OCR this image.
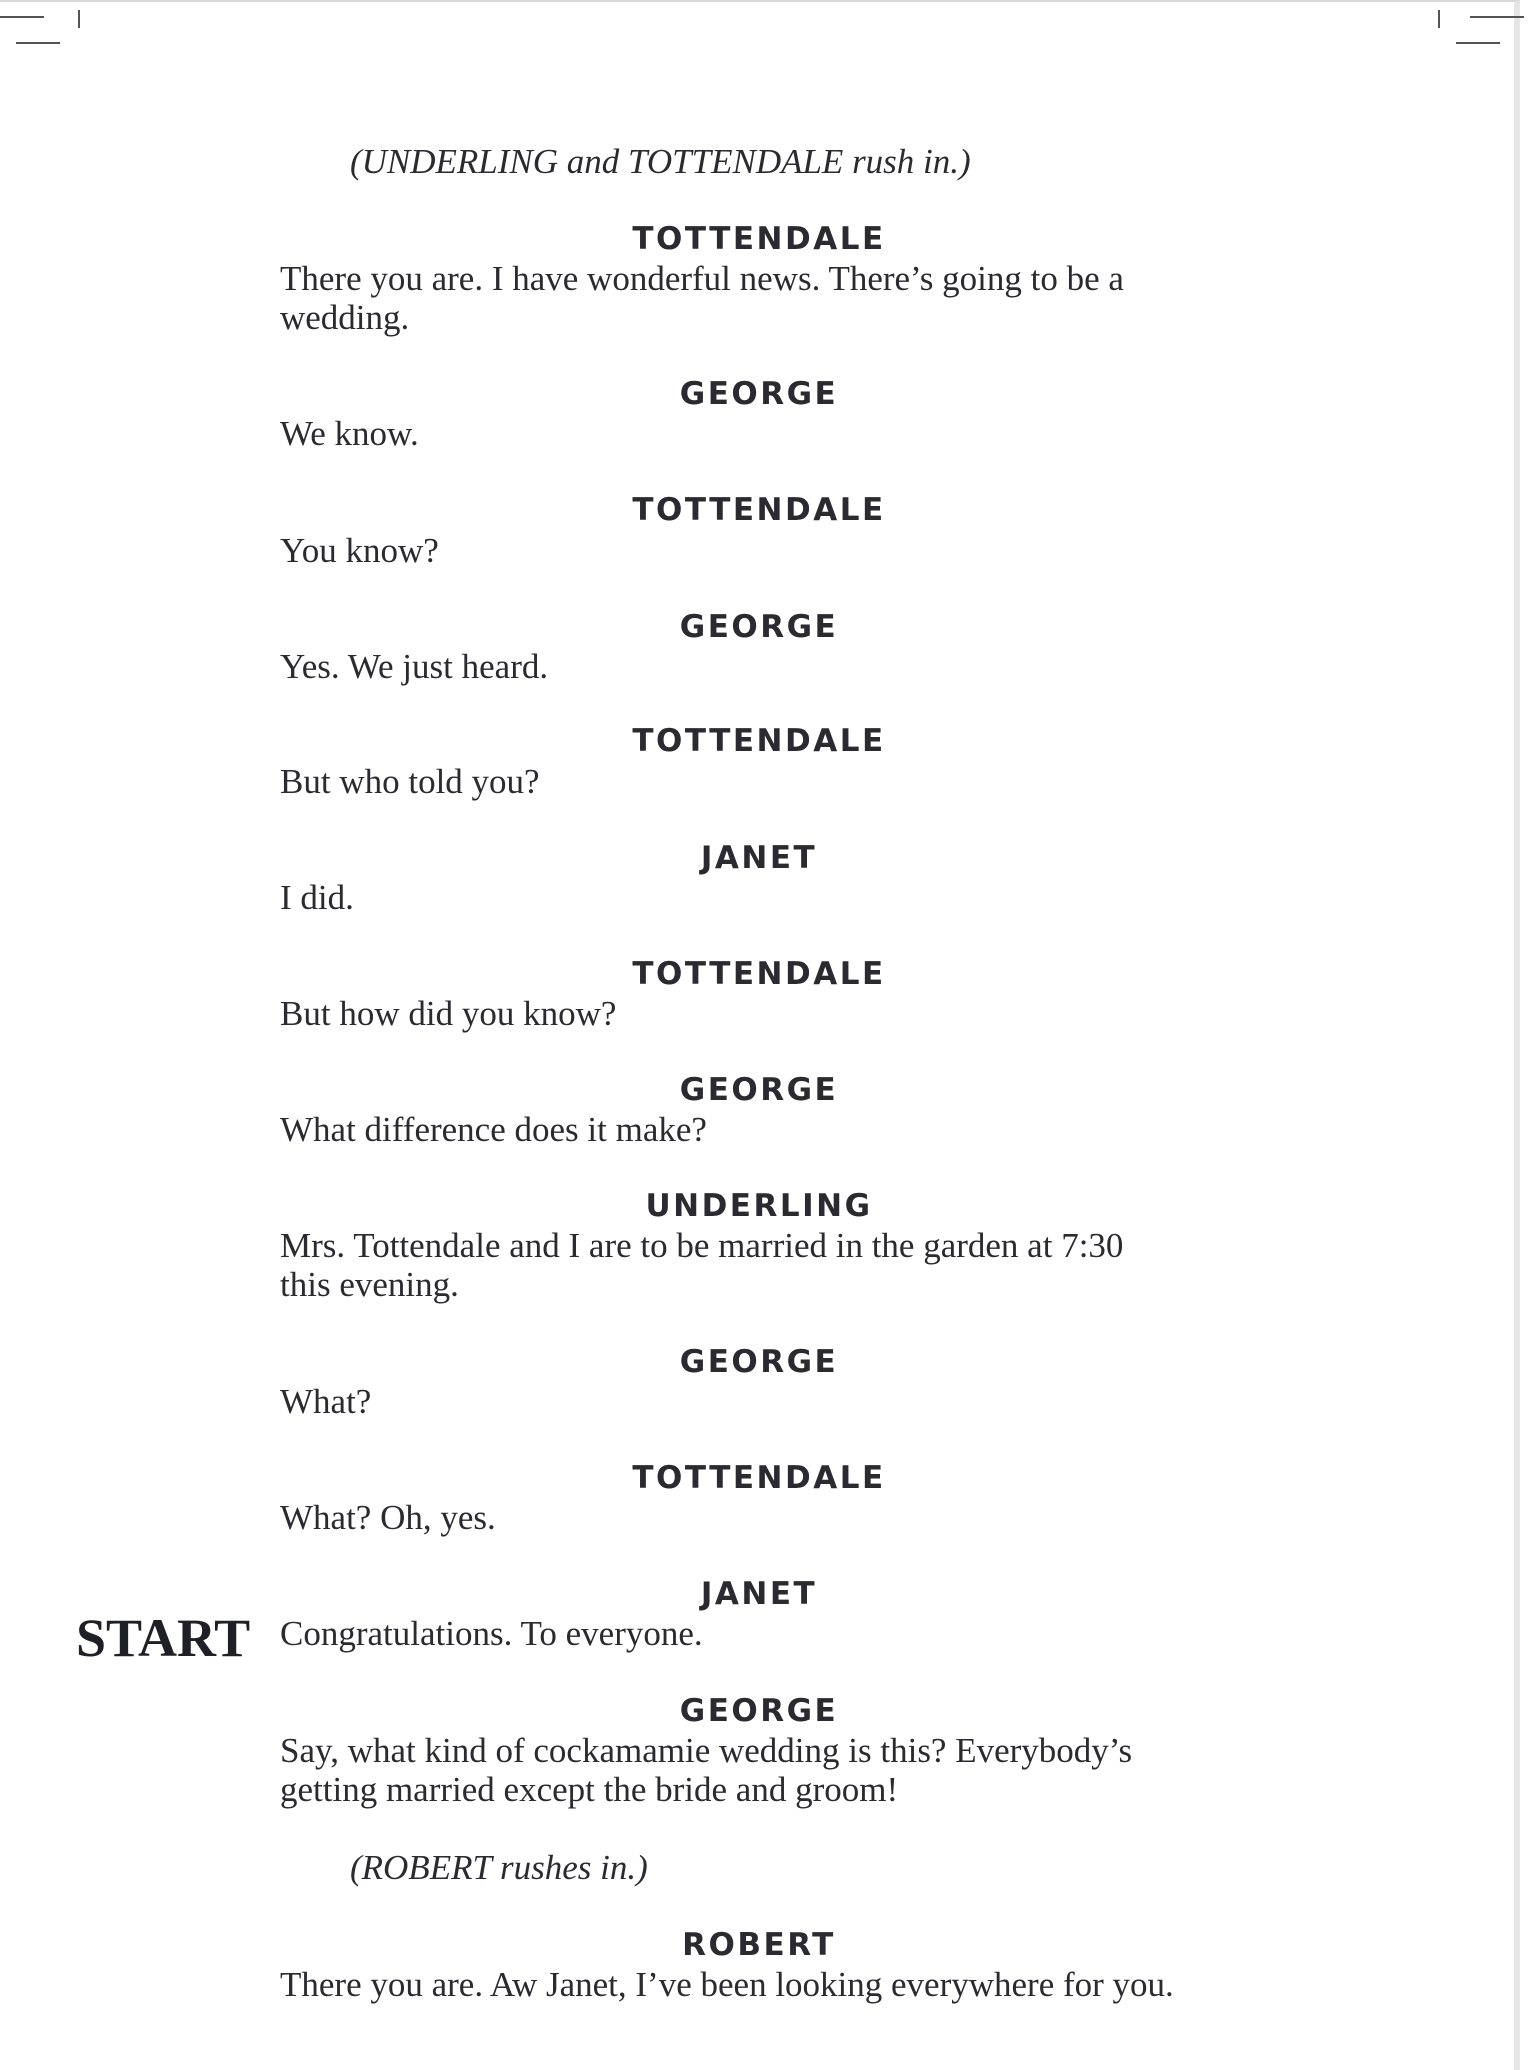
(UNDERLING and TOTTENDALE rush in.)
TOTTENDALE
There you are. I have wonderful news. There’s going to be a
wedding.
GEORGE
We know.
TOTTENDALE
You know?
GEORGE
Yes. We just heard.
TOTTENDALE
But who told you?
JANET
I did.
TOTTENDALE
But how did you know?
GEORGE
What difference does it make?
UNDERLING
Mrs. Tottendale and I are to be married in the garden at 7:30
this evening.
GEORGE
What?
TOTTENDALE
What? Oh, yes.
JANET
Congratulations. To everyone.
START
GEORGE
Say, what kind of cockamamie wedding is this? Everybody’s
getting married except the bride and groom!
(ROBERT rushes in.)
ROBERT
There you are. Aw Janet, I’ve been looking everywhere for you.
